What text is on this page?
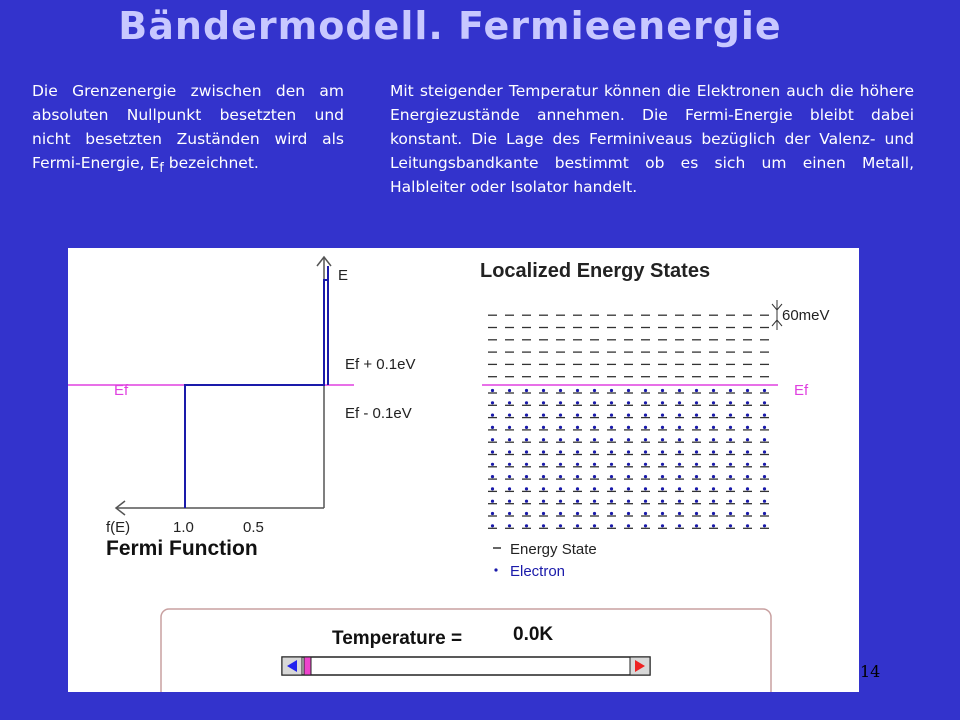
Bändermodell. Fermieenergie
Die Grenzenergie zwischen den am absoluten Nullpunkt besetzten und nicht besetzten Zuständen wird als Fermi-Energie, $E_f$ bezeichnet.
Mit steigender Temperatur können die Elektronen auch die höhere Energiezustände annehmen. Die Fermi-Energie bleibt dabei konstant. Die Lage des Ferminiveaus bezüglich der Valenz- und Leitungsbandkante bestimmt ob es sich um einen Metall, Halbleiter oder Isolator handelt.
E
Ef + 0.1eV
Ef - 0.1eV
Ef
f(E)	1.0	0.5
Fermi Function
Localized Energy States
Ef
60meV
Energy State
Electron
Temperature =	0.0K
14
